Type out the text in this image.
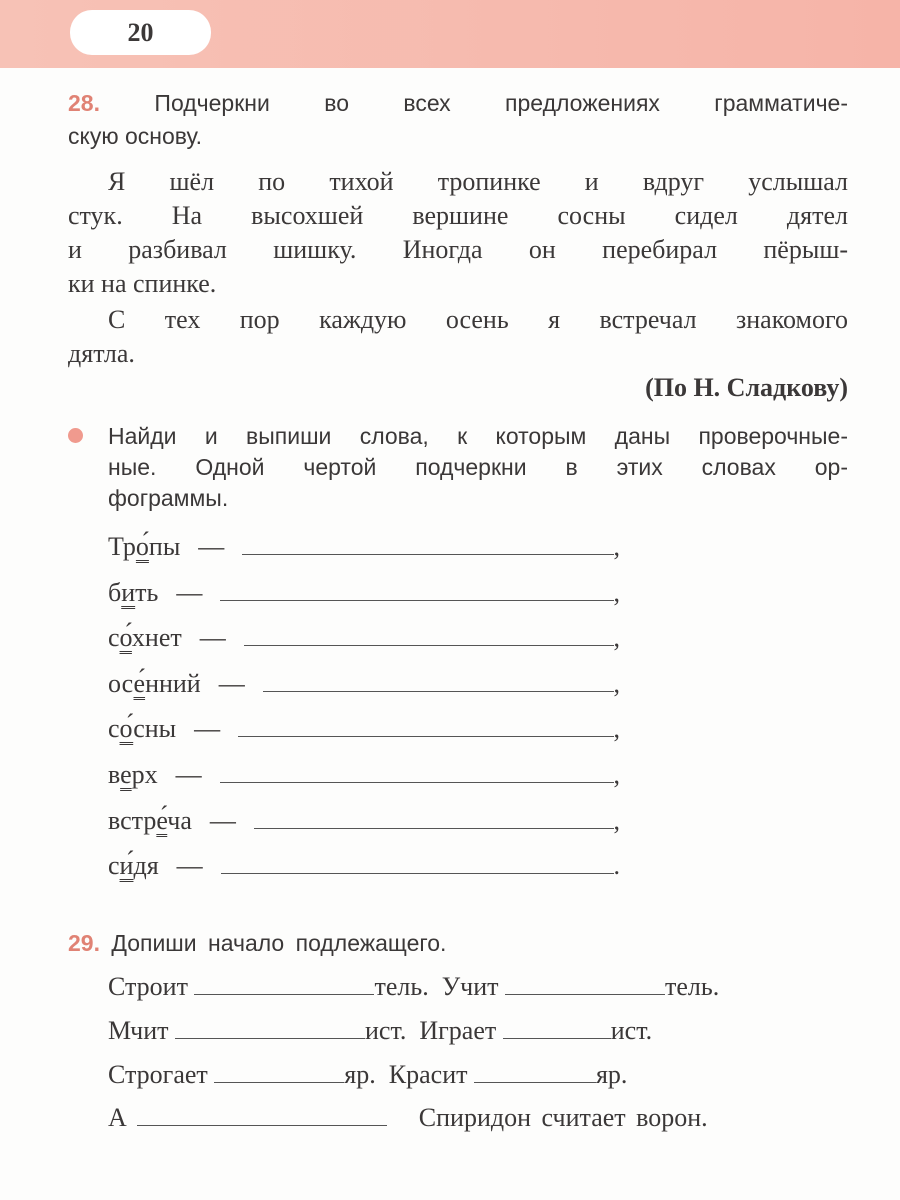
20
28. Подчеркни во всех предложениях грамматиче-
скую основу.
Я шёл по тихой тропинке и вдруг услышал
стук. На высохшей вершине сосны сидел дятел
и разбивал шишку. Иногда он перебирал пёрыш-
ки на спинке.
С тех пор каждую осень я встречал знакомого
дятла.
(По Н. Сладкову)
Найди и выпиши слова, к которым даны проверочные-
ные. Одной чертой подчеркни в этих словах ор-
фограммы.
Тро́пы —	,
бить —	,
со́хнет —	,
осе́нний —	,
со́сны —	,
верх —	,
встре́ча —	,
си́дя —	.
29. Допиши начало подлежащего.
Строит	тель. Учит	тель.
Мчит	ист. Играет	ист.
Строгает	яр. Красит	яр.
А	Спиридон считает ворон.
